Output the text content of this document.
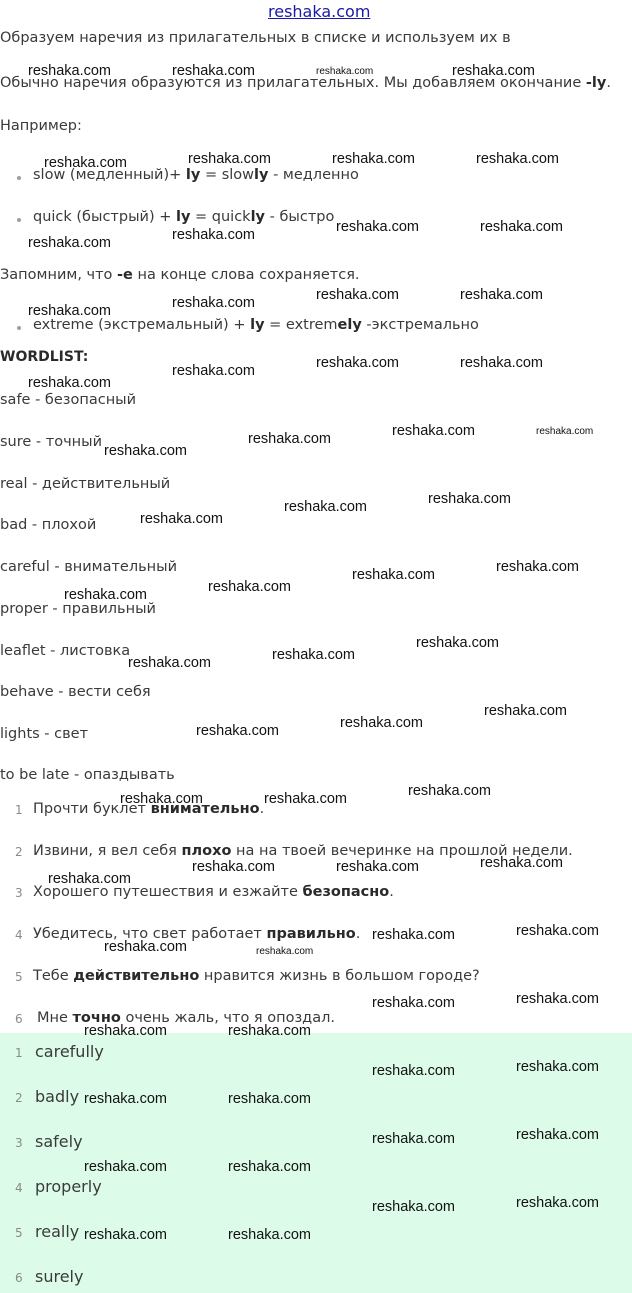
reshaka.com
Образуем наречия из прилагательных в списке и используем их в
Обычно наречия образуются из прилагательных. Мы добавляем окончание -ly.
Например:
slow (медленный)+ ly = slowly - медленно
quick (быстрый) + ly = quickly - быстро
Запомним, что -e на конце слова сохраняется.
extreme (экстремальный) + ly = extremely -экстремально
WORDLIST:
safe - безопасный
sure - точный
real - действительный
bad - плохой
careful - внимательный
proper - правильный
leaflet - листовка
behave - вести себя
lights - свет
to be late - опаздывать
1 Прочти буклет внимательно.
2 Извини, я вел себя плохо на на твоей вечеринке на прошлой недели.
3 Хорошего путешествия и езжайте безопасно.
4 Убедитесь, что свет работает правильно.
5 Тебе действительно нравится жизнь в большом городе?
6 Мне точно очень жаль, что я опоздал.
1 carefully
2 badly
3 safely
4 properly
5 really
6 surely
reshaka.com	reshaka.com	reshaka.com	reshaka.com
reshaka.com	reshaka.com	reshaka.com	reshaka.com
reshaka.com	reshaka.com	reshaka.com	reshaka.com
reshaka.com	reshaka.com	reshaka.com	reshaka.com
reshaka.com
reshaka.com	reshaka.com	reshaka.com
reshaka.com
reshaka.com	reshaka.com	reshaka.com
reshaka.com
reshaka.com	reshaka.com
reshaka.com	reshaka.com
reshaka.com	reshaka.com
reshaka.com	reshaka.com
reshaka.com
reshaka.com	reshaka.com
reshaka.com
reshaka.com	reshaka.com	reshaka.com
reshaka.com
reshaka.com	reshaka.com	reshaka.com
reshaka.com	reshaka.com
reshaka.com	reshaka.com
reshaka.com	reshaka.com
reshaka.com	reshaka.com
reshaka.com	reshaka.com
reshaka.com	reshaka.com
reshaka.com	reshaka.com
reshaka.com	reshaka.com
reshaka.com	reshaka.com
reshaka.com	reshaka.com
